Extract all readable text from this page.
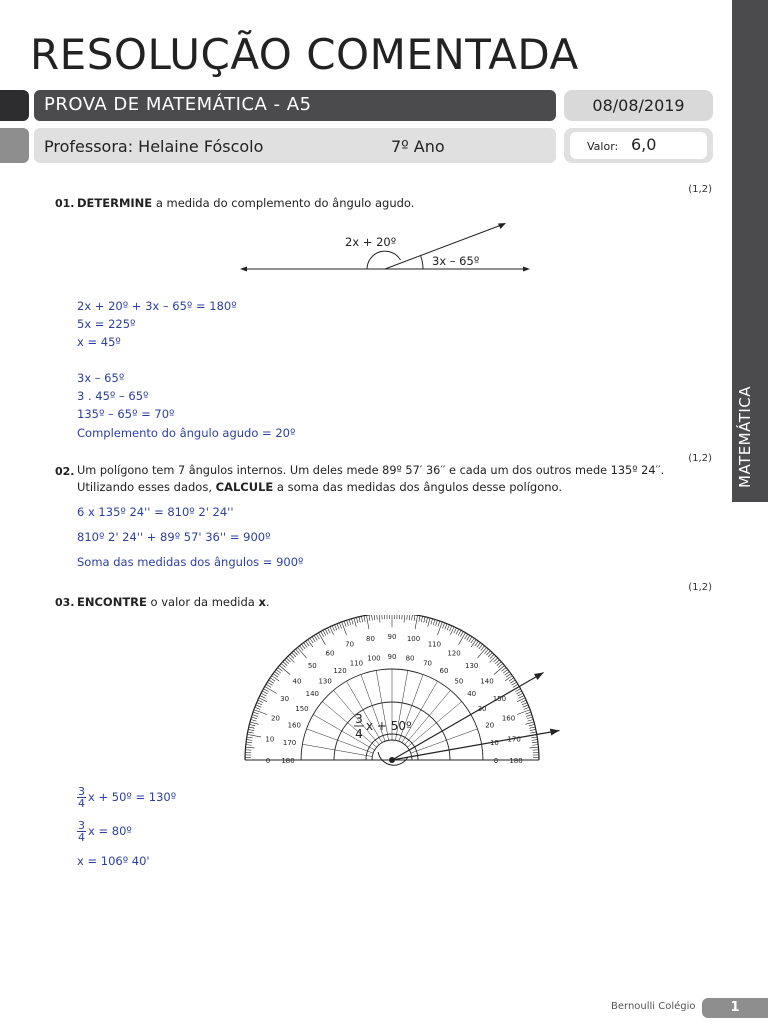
MATEMÁTICA
RESOLUÇÃO COMENTADA
PROVA DE MATEMÁTICA - A5	08/08/2019
Professora: Helaine Fóscolo	7º Ano	Valor: 6,0
(1,2)
01. DETERMINE a medida do complemento do ângulo agudo.
2x + 20º
3x – 65º
2x + 20º + 3x – 65º = 180º
5x = 225º
x = 45º
3x – 65º
3 . 45º – 65º
135º – 65º = 70º
Complemento do ângulo agudo = 20º
(1,2)
02. Um polígono tem 7 ângulos internos. Um deles mede 89º 57′ 36′′ e cada um dos outros mede 135º 24′′.
Utilizando esses dados, CALCULE a soma das medidas dos ângulos desse polígono.
6 x 135º 24'' = 810º 2' 24''
810º 2' 24'' + 89º 57' 36'' = 900º
Soma das medidas dos ângulos = 900º
(1,2)
03. ENCONTRE o valor da medida x.
0
10
20
30
40
50
60
70
80 90 100
110
120
130
140
150
160
170
180
180
170
160
150
140
130
120
110
100 90 80
70
60
50
40
30
20
10
0
3
4
x + 50º
$\frac{3}{4}$ x + 50º = 130º
$\frac{3}{4}$ x = 80º
x = 106º 40'
Bernoulli Colégio	1
